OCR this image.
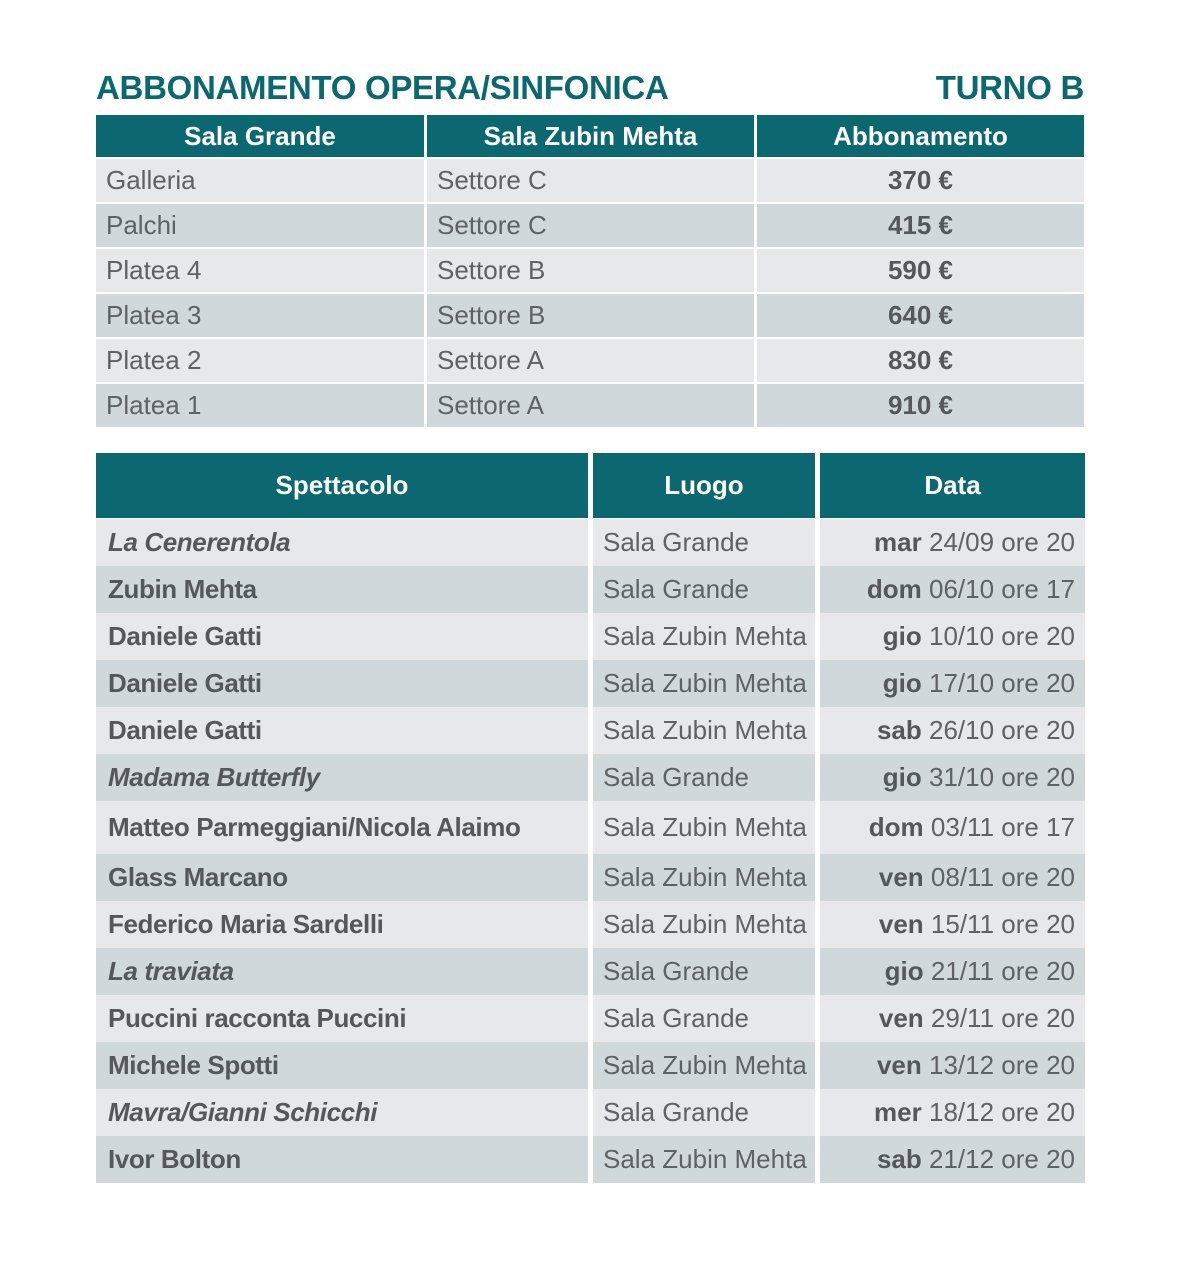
ABBONAMENTO OPERA/SINFONICA	TURNO B
Sala Grande	Sala Zubin Mehta	Abbonamento
Galleria	Settore C	370 €
Palchi	Settore C	415 €
Platea 4	Settore B	590 €
Platea 3	Settore B	640 €
Platea 2	Settore A	830 €
Platea 1	Settore A	910 €
Spettacolo	Luogo	Data
La Cenerentola	Sala Grande	mar 24/09 ore 20
Zubin Mehta	Sala Grande	dom 06/10 ore 17
Daniele Gatti	Sala Zubin Mehta	gio 10/10 ore 20
Daniele Gatti	Sala Zubin Mehta	gio 17/10 ore 20
Daniele Gatti	Sala Zubin Mehta	sab 26/10 ore 20
Madama Butterfly	Sala Grande	gio 31/10 ore 20
Matteo Parmeggiani/Nicola Alaimo	Sala Zubin Mehta	dom 03/11 ore 17
Glass Marcano	Sala Zubin Mehta	ven 08/11 ore 20
Federico Maria Sardelli	Sala Zubin Mehta	ven 15/11 ore 20
La traviata	Sala Grande	gio 21/11 ore 20
Puccini racconta Puccini	Sala Grande	ven 29/11 ore 20
Michele Spotti	Sala Zubin Mehta	ven 13/12 ore 20
Mavra/Gianni Schicchi	Sala Grande	mer 18/12 ore 20
Ivor Bolton	Sala Zubin Mehta	sab 21/12 ore 20
